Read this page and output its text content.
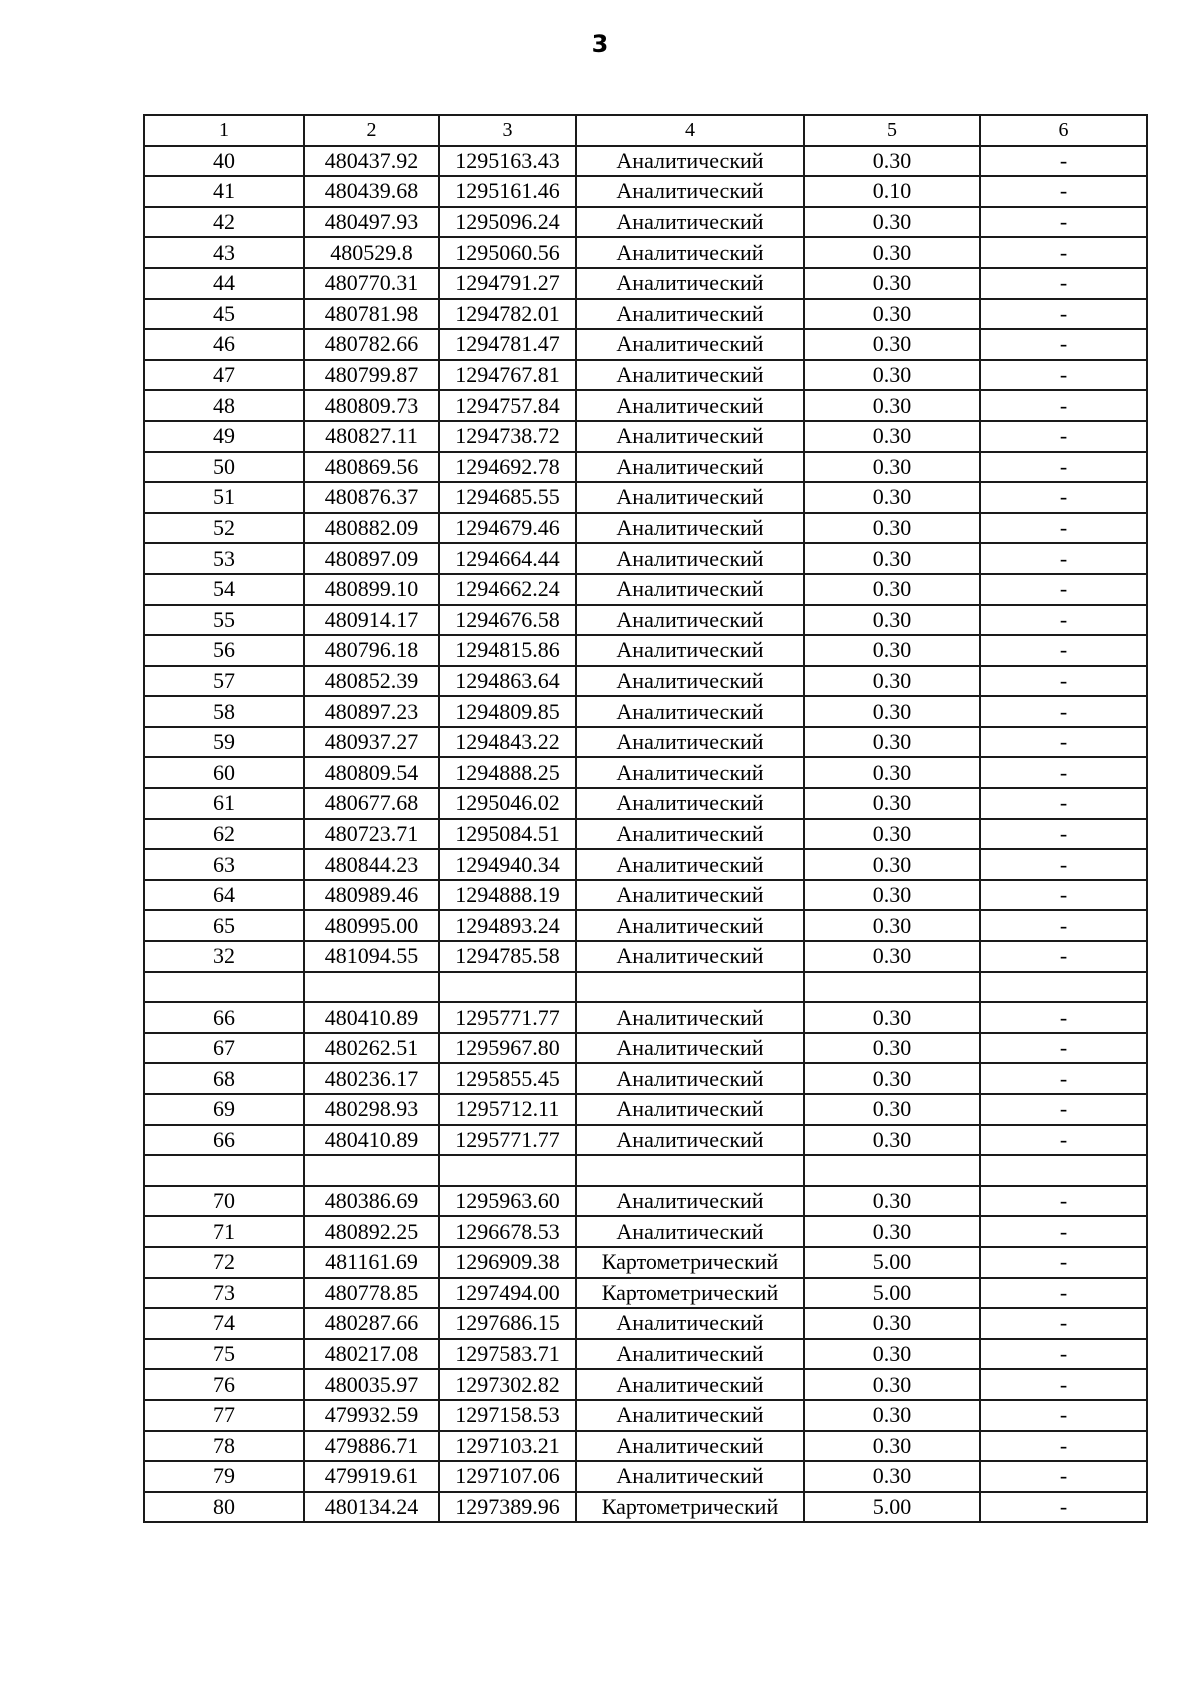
3
1	2	3	4	5	6
40	480437.92	1295163.43	Аналитический	0.30	-
41	480439.68	1295161.46	Аналитический	0.10	-
42	480497.93	1295096.24	Аналитический	0.30	-
43	480529.8	1295060.56	Аналитический	0.30	-
44	480770.31	1294791.27	Аналитический	0.30	-
45	480781.98	1294782.01	Аналитический	0.30	-
46	480782.66	1294781.47	Аналитический	0.30	-
47	480799.87	1294767.81	Аналитический	0.30	-
48	480809.73	1294757.84	Аналитический	0.30	-
49	480827.11	1294738.72	Аналитический	0.30	-
50	480869.56	1294692.78	Аналитический	0.30	-
51	480876.37	1294685.55	Аналитический	0.30	-
52	480882.09	1294679.46	Аналитический	0.30	-
53	480897.09	1294664.44	Аналитический	0.30	-
54	480899.10	1294662.24	Аналитический	0.30	-
55	480914.17	1294676.58	Аналитический	0.30	-
56	480796.18	1294815.86	Аналитический	0.30	-
57	480852.39	1294863.64	Аналитический	0.30	-
58	480897.23	1294809.85	Аналитический	0.30	-
59	480937.27	1294843.22	Аналитический	0.30	-
60	480809.54	1294888.25	Аналитический	0.30	-
61	480677.68	1295046.02	Аналитический	0.30	-
62	480723.71	1295084.51	Аналитический	0.30	-
63	480844.23	1294940.34	Аналитический	0.30	-
64	480989.46	1294888.19	Аналитический	0.30	-
65	480995.00	1294893.24	Аналитический	0.30	-
32	481094.55	1294785.58	Аналитический	0.30	-

66	480410.89	1295771.77	Аналитический	0.30	-
67	480262.51	1295967.80	Аналитический	0.30	-
68	480236.17	1295855.45	Аналитический	0.30	-
69	480298.93	1295712.11	Аналитический	0.30	-
66	480410.89	1295771.77	Аналитический	0.30	-

70	480386.69	1295963.60	Аналитический	0.30	-
71	480892.25	1296678.53	Аналитический	0.30	-
72	481161.69	1296909.38	Картометрический	5.00	-
73	480778.85	1297494.00	Картометрический	5.00	-
74	480287.66	1297686.15	Аналитический	0.30	-
75	480217.08	1297583.71	Аналитический	0.30	-
76	480035.97	1297302.82	Аналитический	0.30	-
77	479932.59	1297158.53	Аналитический	0.30	-
78	479886.71	1297103.21	Аналитический	0.30	-
79	479919.61	1297107.06	Аналитический	0.30	-
80	480134.24	1297389.96	Картометрический	5.00	-
